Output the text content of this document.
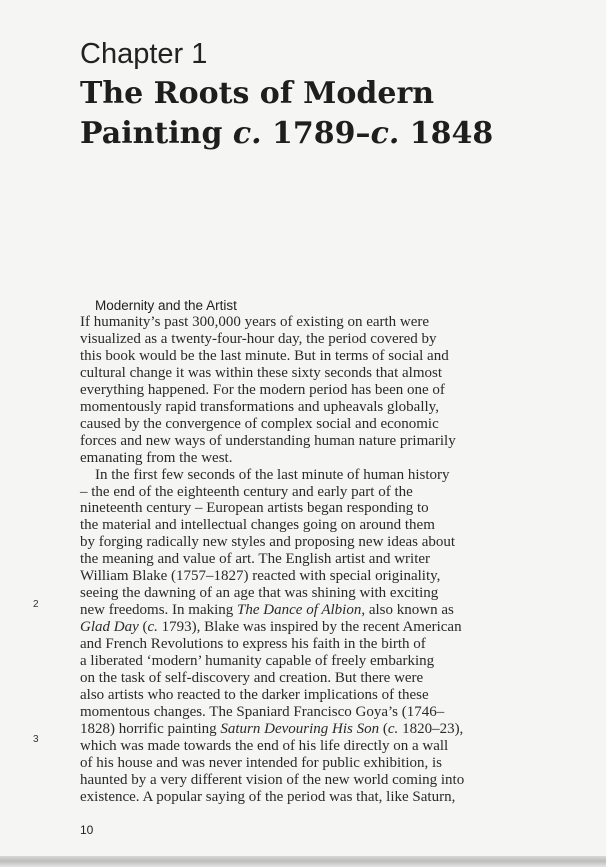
Chapter 1
The Roots of Modern
Painting c. 1789–c. 1848
Modernity and the Artist

If humanity’s past 300,000 years of existing on earth were
visualized as a twenty-four-hour day, the period covered by
this book would be the last minute. But in terms of social and
cultural change it was within these sixty seconds that almost
everything happened. For the modern period has been one of
momentously rapid transformations and upheavals globally,
caused by the convergence of complex social and economic
forces and new ways of understanding human nature primarily
emanating from the west.

In the first few seconds of the last minute of human history
– the end of the eighteenth century and early part of the
nineteenth century – European artists began responding to
the material and intellectual changes going on around them
by forging radically new styles and proposing new ideas about
the meaning and value of art. The English artist and writer
William Blake (1757–1827) reacted with special originality,
seeing the dawning of an age that was shining with exciting
new freedoms. In making The Dance of Albion, also known as
Glad Day (c. 1793), Blake was inspired by the recent American
and French Revolutions to express his faith in the birth of
a liberated ‘modern’ humanity capable of freely embarking
on the task of self-discovery and creation. But there were
also artists who reacted to the darker implications of these
momentous changes. The Spaniard Francisco Goya’s (1746–
1828) horrific painting Saturn Devouring His Son (c. 1820–23),
which was made towards the end of his life directly on a wall
of his house and was never intended for public exhibition, is
haunted by a very different vision of the new world coming into
existence. A popular saying of the period was that, like Saturn,

2
3
10
